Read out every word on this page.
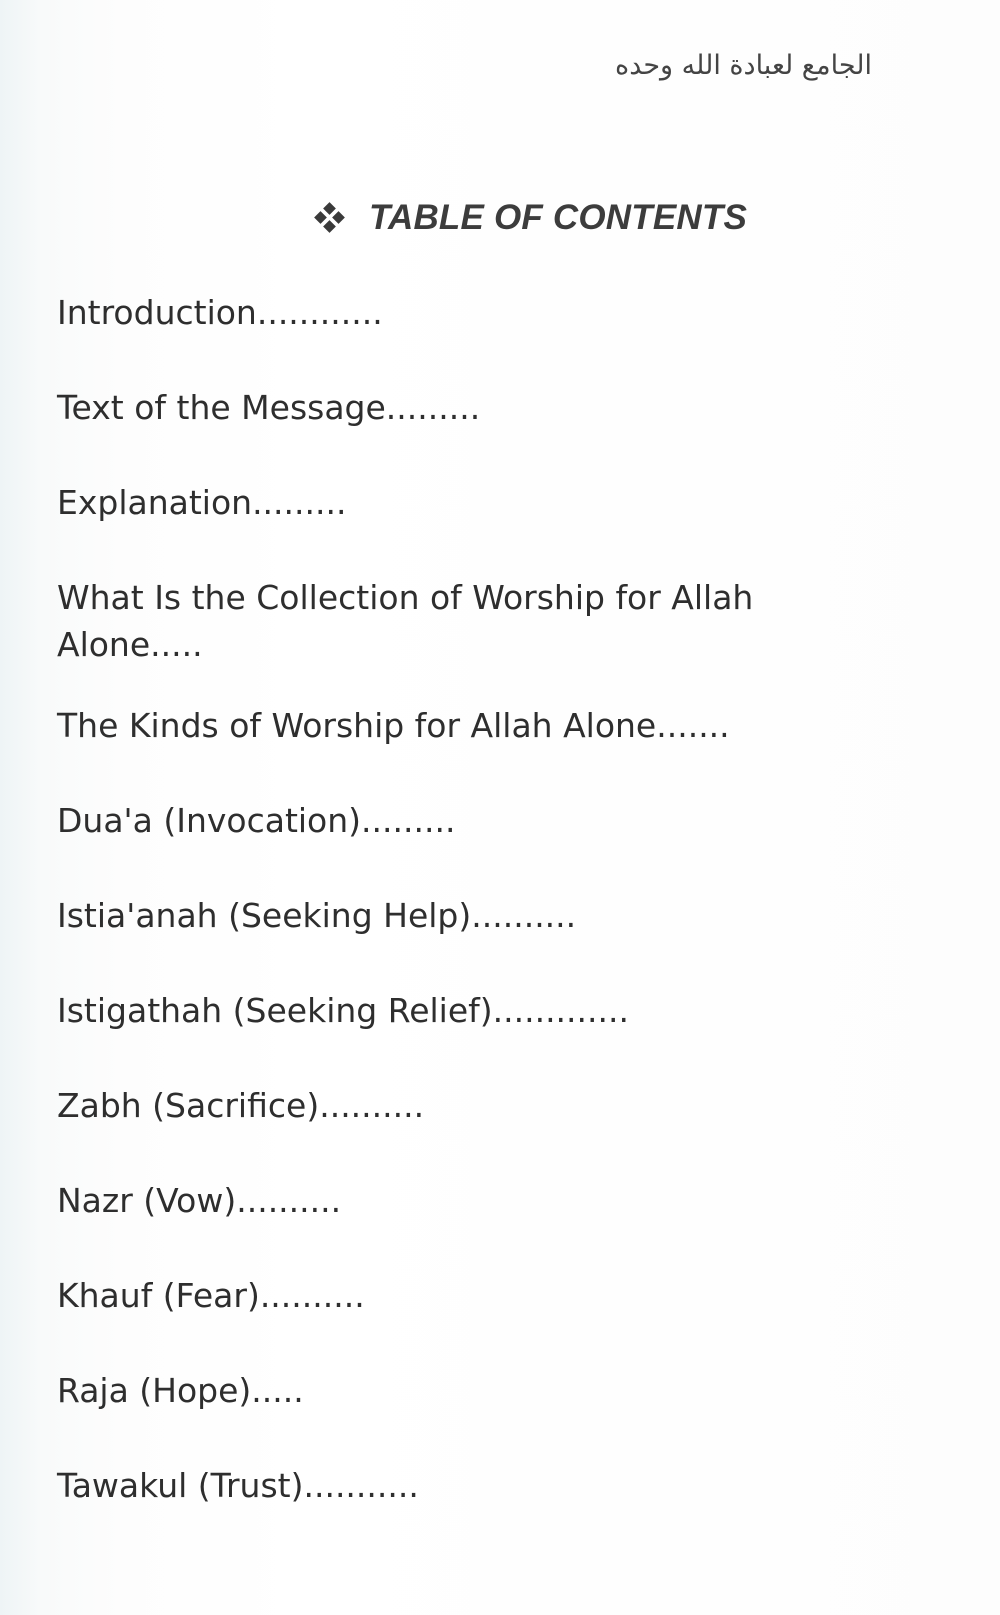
الجامع لعبادة الله وحده
TABLE OF CONTENTS
Introduction............
Text of the Message.........
Explanation.........
What Is the Collection of Worship for Allah Alone.....
The Kinds of Worship for Allah Alone.......
Dua'a (Invocation).........
Istia'anah (Seeking Help)..........
Istigathah (Seeking Relief).............
Zabh (Sacrifice)..........
Nazr (Vow)..........
Khauf (Fear)..........
Raja (Hope).....
Tawakul (Trust)...........
